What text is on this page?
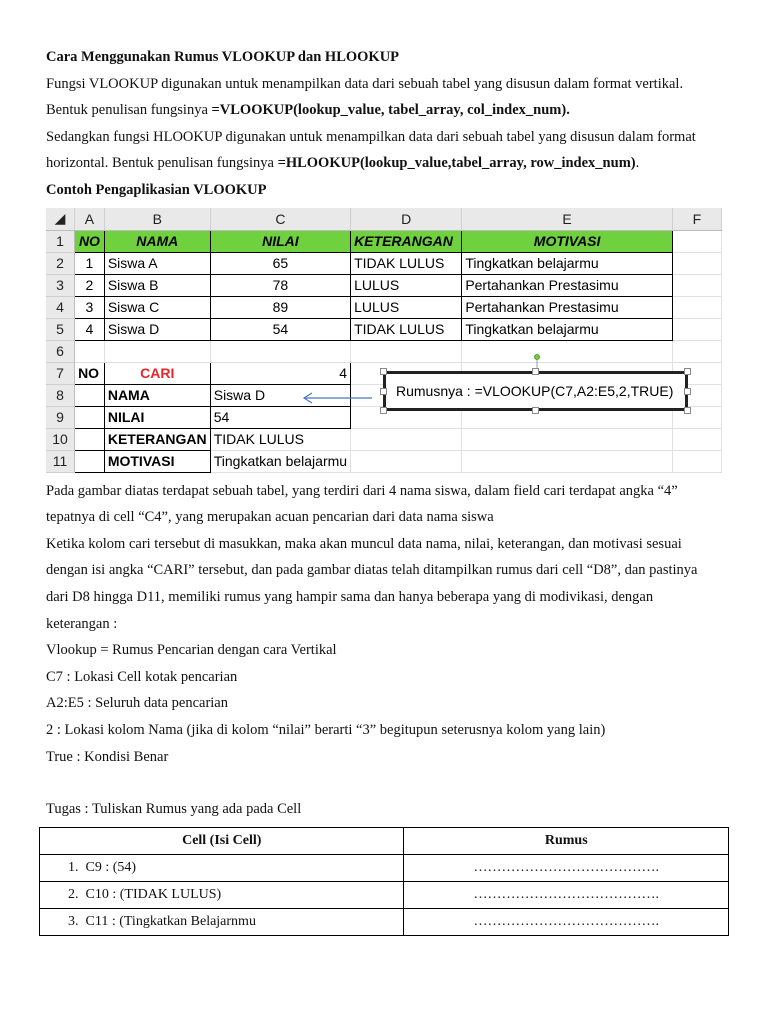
Cara Menggunakan Rumus VLOOKUP dan HLOOKUP

Fungsi VLOOKUP digunakan untuk menampilkan data dari sebuah tabel yang disusun dalam format vertikal.

Bentuk penulisan fungsinya =VLOOKUP(lookup_value, tabel_array, col_index_num).

Sedangkan fungsi HLOOKUP digunakan untuk menampilkan data dari sebuah tabel yang disusun dalam format

horizontal. Bentuk penulisan fungsinya =HLOOKUP(lookup_value,tabel_array, row_index_num).

Contoh Pengaplikasian VLOOKUP

◢	A	B	C	D	E	F
1	NO	NAMA	NILAI	KETERANGAN	MOTIVASI	
2	1	Siswa A	65	TIDAK LULUS	Tingkatkan belajarmu	
3	2	Siswa B	78	LULUS	Pertahankan Prestasimu	
4	3	Siswa C	89	LULUS	Pertahankan Prestasimu	
5	4	Siswa D	54	TIDAK LULUS	Tingkatkan belajarmu	
6						
7	NO	CARI	4			
8		NAMA	Siswa D			
9		NILAI	54			
10		KETERANGAN	TIDAK LULUS			
11		MOTIVASI	Tingkatkan belajarmu			
Rumusnya : =VLOOKUP(C7,A2:E5,2,TRUE)

Pada gambar diatas terdapat sebuah tabel, yang terdiri dari 4 nama siswa, dalam field cari terdapat angka “4”

tepatnya di cell “C4”, yang merupakan acuan pencarian dari data nama siswa

Ketika kolom cari tersebut di masukkan, maka akan muncul data nama, nilai, keterangan, dan motivasi sesuai

dengan isi angka “CARI” tersebut, dan pada gambar diatas telah ditampilkan rumus dari cell “D8”, dan pastinya

dari D8 hingga D11, memiliki rumus yang hampir sama dan hanya beberapa yang di modivikasi, dengan

keterangan :

Vlookup = Rumus Pencarian dengan cara Vertikal

C7 : Lokasi Cell kotak pencarian

A2:E5 : Seluruh data pencarian

2 : Lokasi kolom Nama (jika di kolom “nilai” berarti “3” begitupun seterusnya kolom yang lain)

True : Kondisi Benar

Tugas : Tuliskan Rumus yang ada pada Cell

Cell (Isi Cell)	Rumus
1. C9 : (54)	………………………………….
2. C10 : (TIDAK LULUS)	………………………………….
3. C11 : (Tingkatkan Belajarnmu	………………………………….
